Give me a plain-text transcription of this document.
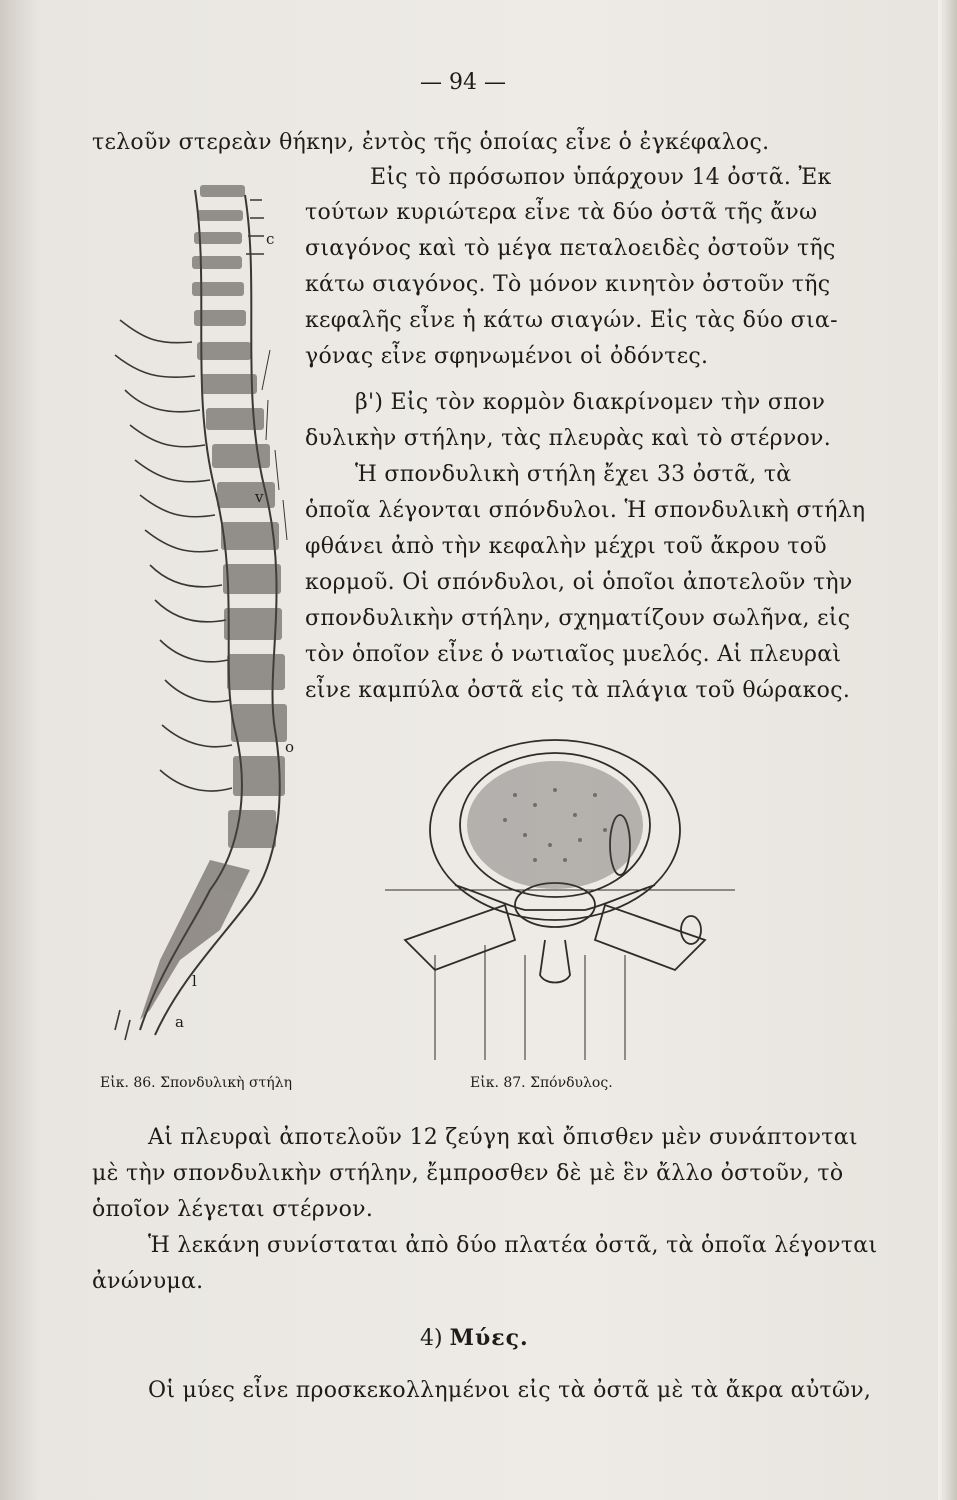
— 94 —
τελοῦν στερεὰν θήκην, ἐντὸς τῆς ὁποίας εἶνε ὁ ἐγκέφαλος.
Εἰς τὸ πρόσωπον ὑπάρχουν 14 ὀστᾶ. Ἐκ
τούτων κυριώτερα εἶνε τὰ δύο ὀστᾶ τῆς ἄνω
σιαγόνος καὶ τὸ μέγα πεταλοειδὲς ὀστοῦν τῆς
κάτω σιαγόνος. Τὸ μόνον κινητὸν ὀστοῦν τῆς
κεφαλῆς εἶνε ἡ κάτω σιαγών. Εἰς τὰς δύο σια-
γόνας εἶνε σφηνωμένοι οἱ ὀδόντες.
β') Εἰς τὸν κορμὸν διακρίνομεν τὴν σπον
δυλικὴν στήλην, τὰς πλευρὰς καὶ τὸ στέρνον.
Ἡ σπονδυλικὴ στήλη ἔχει 33 ὀστᾶ, τὰ
ὁποῖα λέγονται σπόνδυλοι. Ἡ σπονδυλικὴ στήλη
φθάνει ἀπὸ τὴν κεφαλὴν μέχρι τοῦ ἄκρου τοῦ
κορμοῦ. Οἱ σπόνδυλοι, οἱ ὁποῖοι ἀποτελοῦν τὴν
σπονδυλικὴν στήλην, σχηματίζουν σωλῆνα, εἰς
τὸν ὁποῖον εἶνε ὁ νωτιαῖος μυελός. Αἱ πλευραὶ
εἶνε καμπύλα ὀστᾶ εἰς τὰ πλάγια τοῦ θώρακος.
c
v
o
l
a
Εἰκ. 86. Σπονδυλικὴ στήλη	Εἰκ. 87. Σπόνδυλος.
Αἱ πλευραὶ ἀποτελοῦν 12 ζεύγη καὶ ὄπισθεν μὲν συνάπτονται
μὲ τὴν σπονδυλικὴν στήλην, ἔμπροσθεν δὲ μὲ ἓν ἄλλο ὀστοῦν, τὸ
ὁποῖον λέγεται στέρνον.
Ἡ λεκάνη συνίσταται ἀπὸ δύο πλατέα ὀστᾶ, τὰ ὁποῖα λέγονται
ἀνώνυμα.
4) Μύες.
Οἱ μύες εἶνε προσκεκολλημένοι εἰς τὰ ὀστᾶ μὲ τὰ ἄκρα αὐτῶν,
